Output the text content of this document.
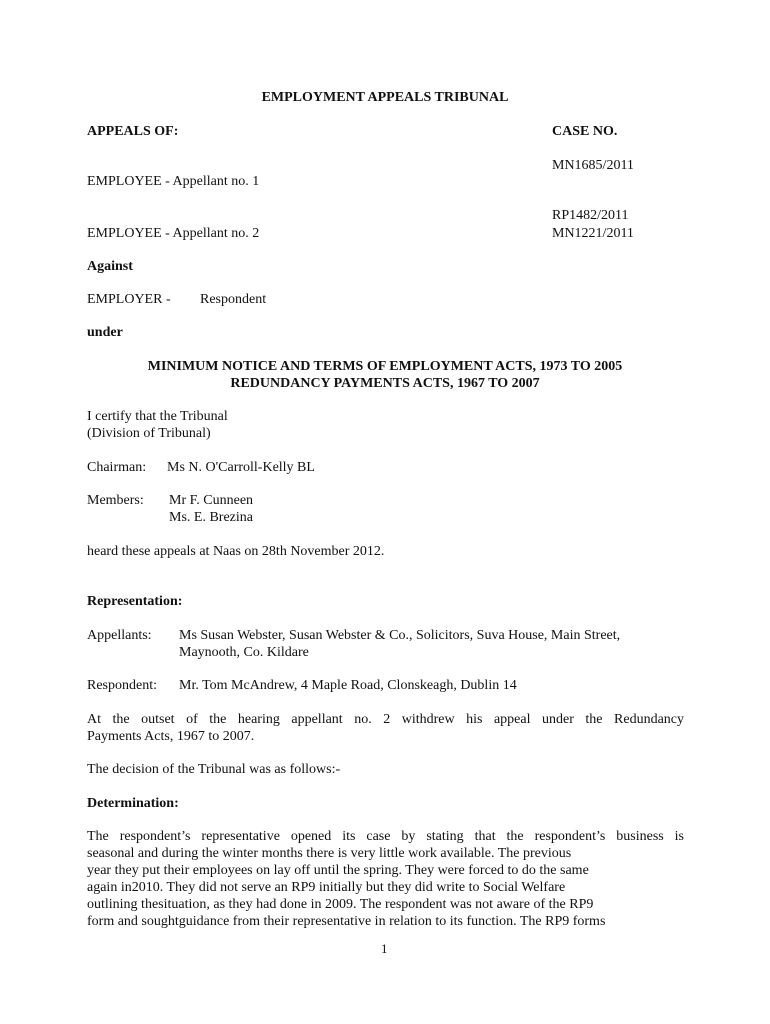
EMPLOYMENT APPEALS TRIBUNAL
APPEALS OF:	CASE NO.
MN1685/2011
EMPLOYEE - Appellant no. 1
RP1482/2011
MN1221/2011
EMPLOYEE - Appellant no. 2
Against
EMPLOYER - Respondent
under
MINIMUM NOTICE AND TERMS OF EMPLOYMENT ACTS, 1973 TO 2005
REDUNDANCY PAYMENTS ACTS, 1967 TO 2007
I certify that the Tribunal
(Division of Tribunal)
Chairman: Ms N. O'Carroll-Kelly BL
Members: Mr F. Cunneen
Ms. E. Brezina
heard these appeals at Naas on 28th November 2012.
Representation:
Appellants: Ms Susan Webster, Susan Webster & Co., Solicitors, Suva House, Main Street,
Maynooth, Co. Kildare
Respondent: Mr. Tom McAndrew, 4 Maple Road, Clonskeagh, Dublin 14
At the outset of the hearing appellant no. 2 withdrew his appeal under the Redundancy
Payments Acts, 1967 to 2007.
The decision of the Tribunal was as follows:-
Determination:
The respondent’s representative opened its case by stating that the respondent’s business is
seasonal and during the winter months there is very little work available. The previous
year they put their employees on lay off until the spring. They were forced to do the same
again in2010. They did not serve an RP9 initially but they did write to Social Welfare
outlining thesituation, as they had done in 2009. The respondent was not aware of the RP9
form and soughtguidance from their representative in relation to its function. The RP9 forms
1
